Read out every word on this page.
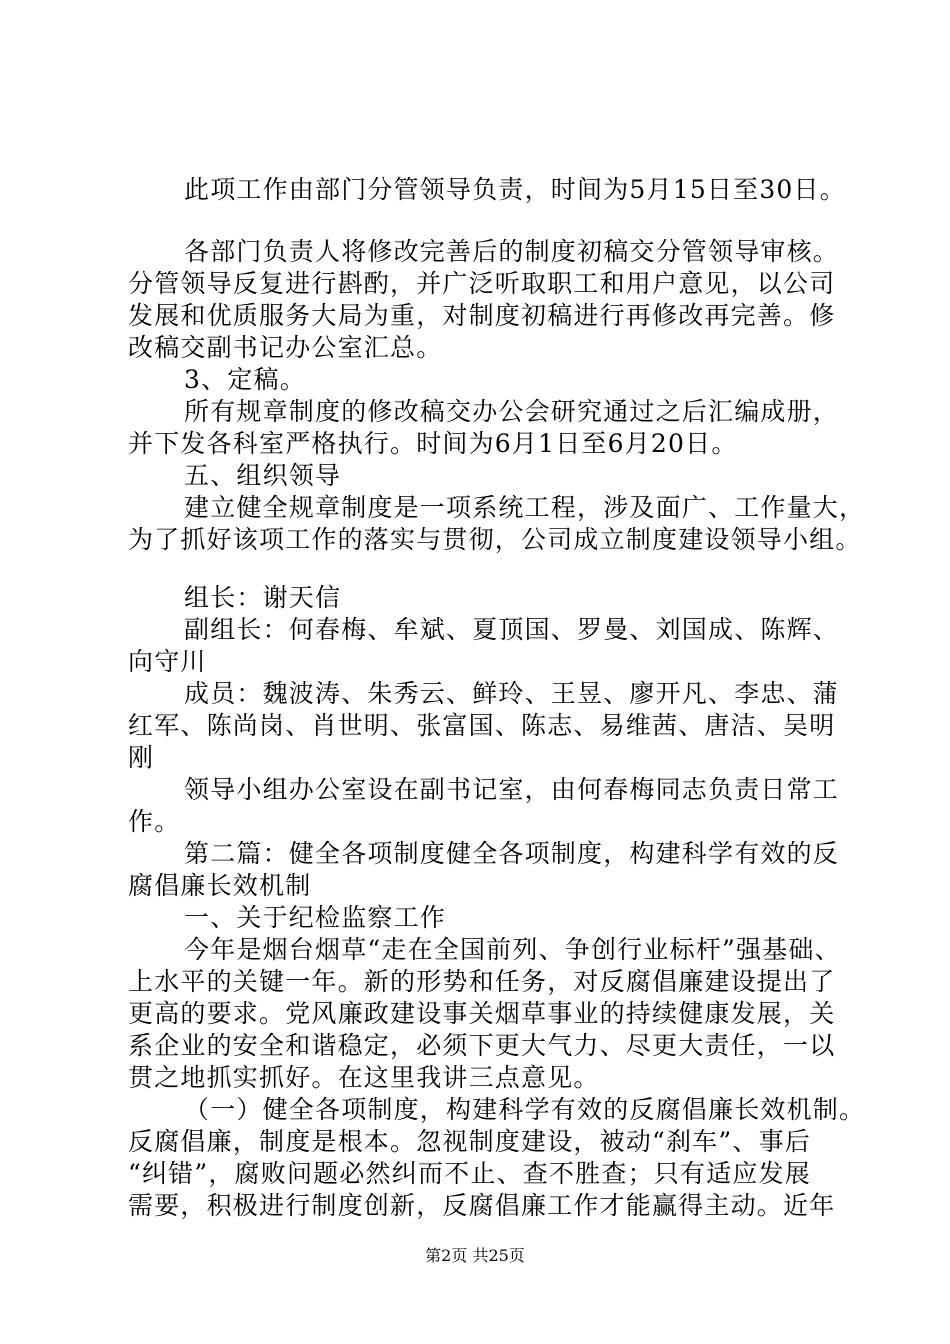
此项工作由部门分管领导负责，时间为5月15日至30日。
各部门负责人将修改完善后的制度初稿交分管领导审核。
分管领导反复进行斟酌，并广泛听取职工和用户意见，以公司
发展和优质服务大局为重，对制度初稿进行再修改再完善。修
改稿交副书记办公室汇总。
3、定稿。
所有规章制度的修改稿交办公会研究通过之后汇编成册，
并下发各科室严格执行。时间为6月1日至6月20日。
五、组织领导
建立健全规章制度是一项系统工程，涉及面广、工作量大，
为了抓好该项工作的落实与贯彻，公司成立制度建设领导小组。
组长：谢天信
副组长：何春梅、牟斌、夏顶国、罗曼、刘国成、陈辉、
向守川
成员：魏波涛、朱秀云、鲜玲、王昱、廖开凡、李忠、蒲
红军、陈尚岗、肖世明、张富国、陈志、易维茜、唐洁、吴明
刚
领导小组办公室设在副书记室，由何春梅同志负责日常工
作。
第二篇：健全各项制度健全各项制度，构建科学有效的反
腐倡廉长效机制
一、关于纪检监察工作
今年是烟台烟草“走在全国前列、争创行业标杆”强基础、
上水平的关键一年。新的形势和任务，对反腐倡廉建设提出了
更高的要求。党风廉政建设事关烟草事业的持续健康发展，关
系企业的安全和谐稳定，必须下更大气力、尽更大责任，一以
贯之地抓实抓好。在这里我讲三点意见。
（一）健全各项制度，构建科学有效的反腐倡廉长效机制。
反腐倡廉，制度是根本。忽视制度建设，被动“刹车”、事后
“纠错”，腐败问题必然纠而不止、查不胜查；只有适应发展
需要，积极进行制度创新，反腐倡廉工作才能赢得主动。近年
第2页 共25页
